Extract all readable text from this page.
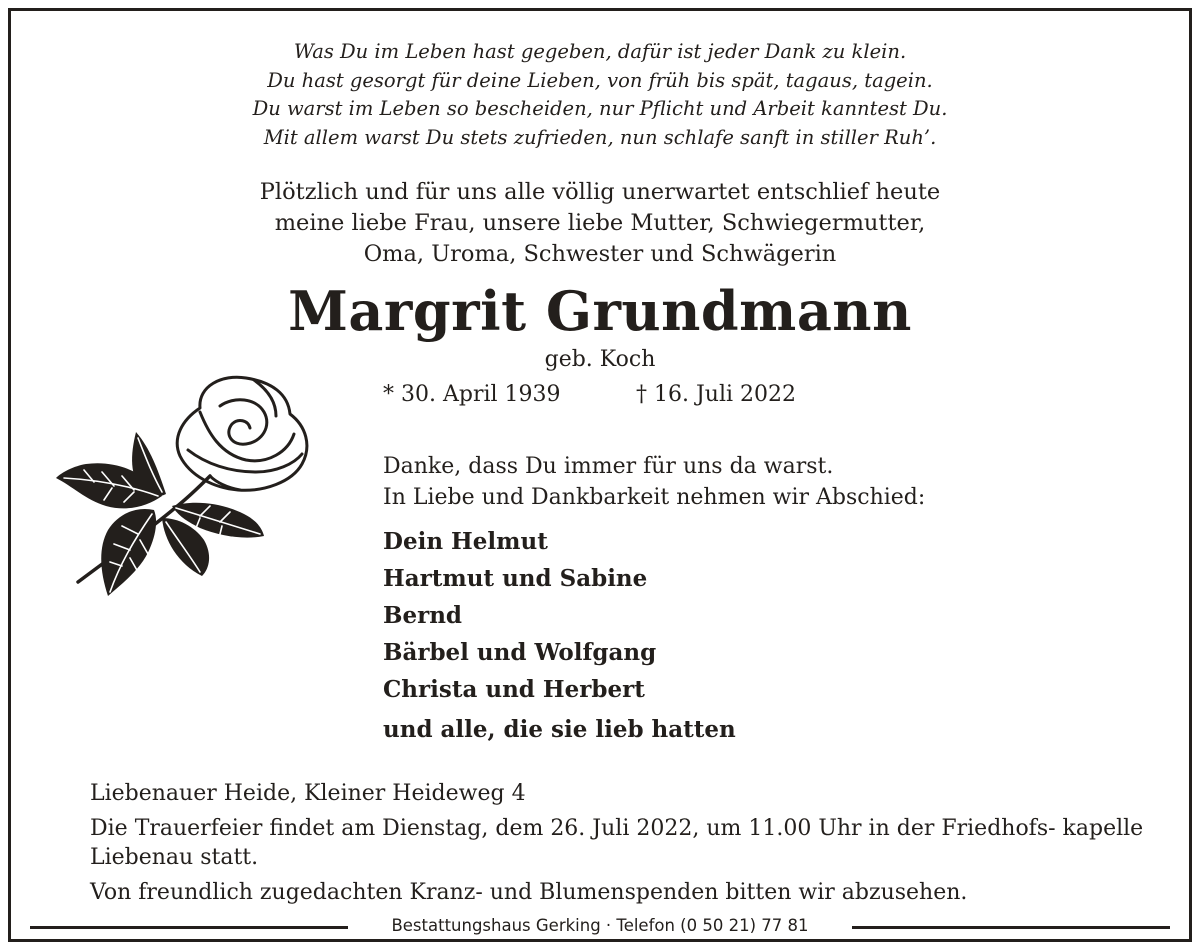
Was Du im Leben hast gegeben, dafür ist jeder Dank zu klein.
Du hast gesorgt für deine Lieben, von früh bis spät, tagaus, tagein.
Du warst im Leben so bescheiden, nur Pflicht und Arbeit kanntest Du.
Mit allem warst Du stets zufrieden, nun schlafe sanft in stiller Ruh’.
Plötzlich und für uns alle völlig unerwartet entschlief heute
meine liebe Frau, unsere liebe Mutter, Schwiegermutter,
Oma, Uroma, Schwester und Schwägerin
Margrit Grundmann
geb. Koch
* 30. April 1939	† 16. Juli 2022
Danke, dass Du immer für uns da warst.
In Liebe und Dankbarkeit nehmen wir Abschied:
Dein Helmut
Hartmut und Sabine
Bernd
Bärbel und Wolfgang
Christa und Herbert
und alle, die sie lieb hatten
Liebenauer Heide, Kleiner Heideweg 4
Die Trauerfeier findet am Dienstag, dem 26. Juli 2022, um 11.00 Uhr in der Friedhofs- kapelle Liebenau statt.
Von freundlich zugedachten Kranz- und Blumenspenden bitten wir abzusehen.
Bestattungshaus Gerking · Telefon (0 50 21) 77 81
